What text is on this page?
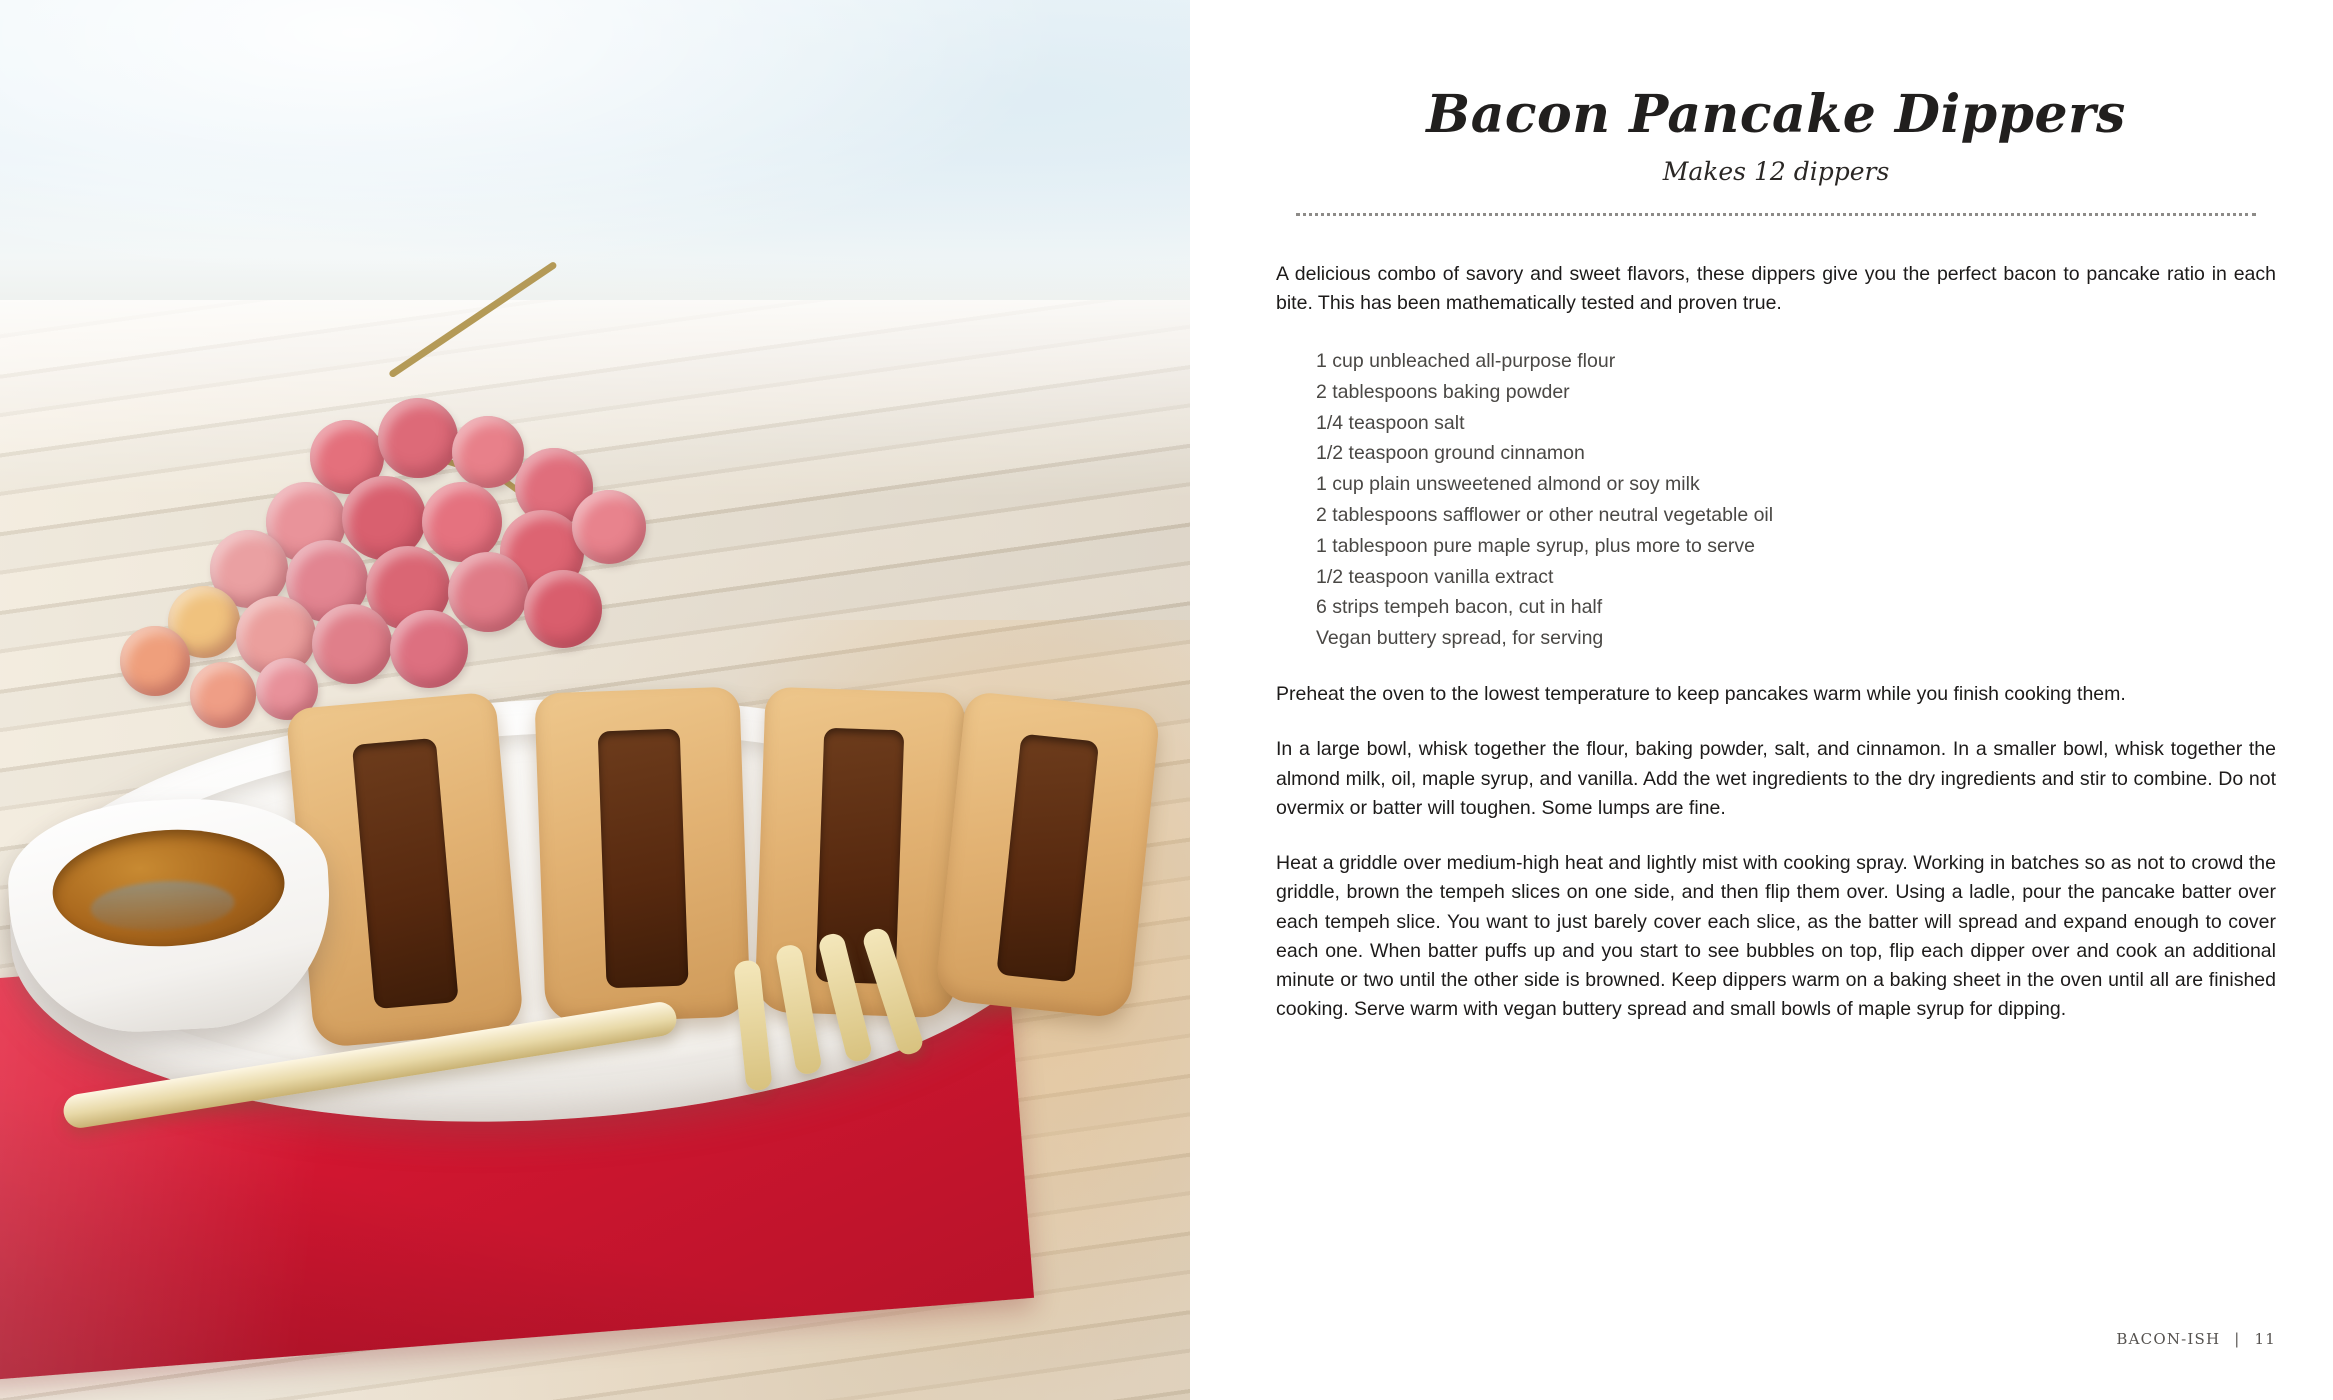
Bacon Pancake Dippers
Makes 12 dippers

A delicious combo of savory and sweet flavors, these dippers give you the perfect bacon to pancake ratio in each bite. This has been mathematically tested and proven true.

1 cup unbleached all-purpose flour
2 tablespoons baking powder
1/4 teaspoon salt
1/2 teaspoon ground cinnamon
1 cup plain unsweetened almond or soy milk
2 tablespoons safflower or other neutral vegetable oil
1 tablespoon pure maple syrup, plus more to serve
1/2 teaspoon vanilla extract
6 strips tempeh bacon, cut in half
Vegan buttery spread, for serving

Preheat the oven to the lowest temperature to keep pancakes warm while you finish cooking them.

In a large bowl, whisk together the flour, baking powder, salt, and cinnamon. In a smaller bowl, whisk together the almond milk, oil, maple syrup, and vanilla. Add the wet ingredients to the dry ingredients and stir to combine. Do not overmix or batter will toughen. Some lumps are fine.

Heat a griddle over medium-high heat and lightly mist with cooking spray. Working in batches so as not to crowd the griddle, brown the tempeh slices on one side, and then flip them over. Using a ladle, pour the pancake batter over each tempeh slice. You want to just barely cover each slice, as the batter will spread and expand enough to cover each one. When batter puffs up and you start to see bubbles on top, flip each dipper over and cook an additional minute or two until the other side is browned. Keep dippers warm on a baking sheet in the oven until all are finished cooking. Serve warm with vegan buttery spread and small bowls of maple syrup for dipping.

BACON-ISH | 11
